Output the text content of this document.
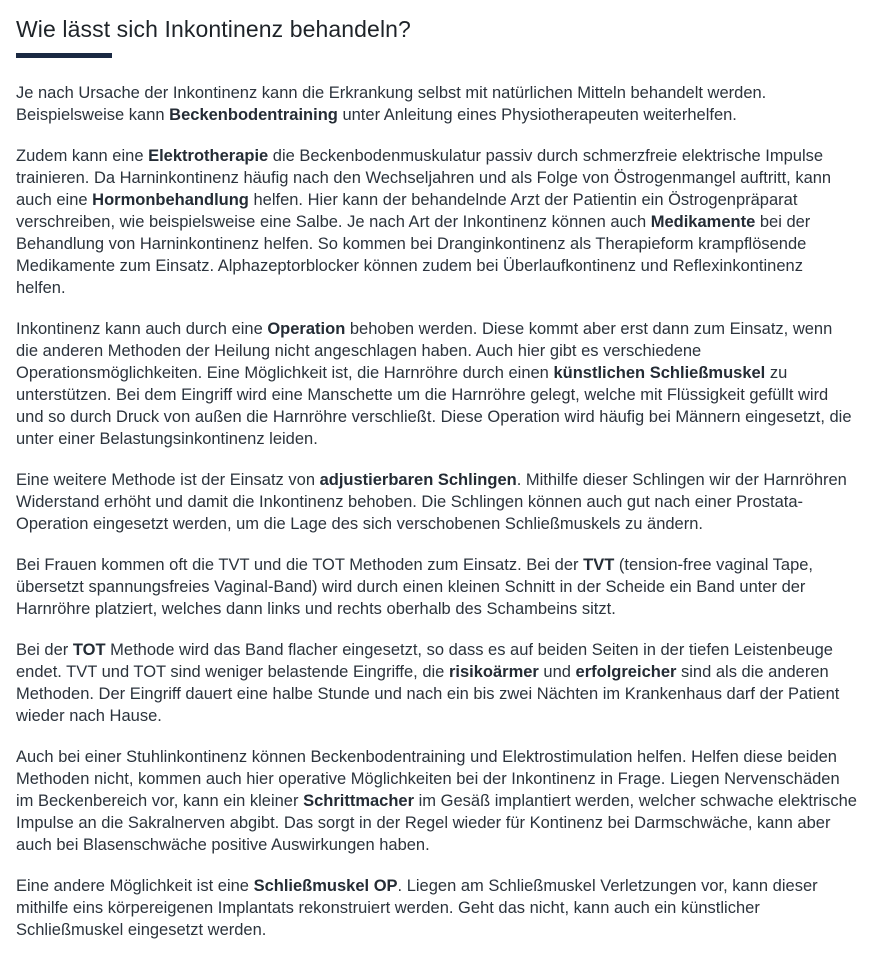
Wie lässt sich Inkontinenz behandeln?

Je nach Ursache der Inkontinenz kann die Erkrankung selbst mit natürlichen Mitteln behandelt werden. Beispielsweise kann Beckenbodentraining unter Anleitung eines Physiotherapeuten weiterhelfen.

Zudem kann eine Elektrotherapie die Beckenbodenmuskulatur passiv durch schmerzfreie elektrische Impulse trainieren. Da Harninkontinenz häufig nach den Wechseljahren und als Folge von Östrogenmangel auftritt, kann auch eine Hormonbehandlung helfen. Hier kann der behandelnde Arzt der Patientin ein Östrogenpräparat verschreiben, wie beispielsweise eine Salbe. Je nach Art der Inkontinenz können auch Medikamente bei der Behandlung von Harninkontinenz helfen. So kommen bei Dranginkontinenz als Therapieform krampflösende Medikamente zum Einsatz. Alphazeptorblocker können zudem bei Überlaufkontinenz und Reflexinkontinenz helfen.

Inkontinenz kann auch durch eine Operation behoben werden. Diese kommt aber erst dann zum Einsatz, wenn die anderen Methoden der Heilung nicht angeschlagen haben. Auch hier gibt es verschiedene Operationsmöglichkeiten. Eine Möglichkeit ist, die Harnröhre durch einen künstlichen Schließmuskel zu unterstützen. Bei dem Eingriff wird eine Manschette um die Harnröhre gelegt, welche mit Flüssigkeit gefüllt wird und so durch Druck von außen die Harnröhre verschließt. Diese Operation wird häufig bei Männern eingesetzt, die unter einer Belastungsinkontinenz leiden.

Eine weitere Methode ist der Einsatz von adjustierbaren Schlingen. Mithilfe dieser Schlingen wir der Harnröhren Widerstand erhöht und damit die Inkontinenz behoben. Die Schlingen können auch gut nach einer Prostata-Operation eingesetzt werden, um die Lage des sich verschobenen Schließmuskels zu ändern.

Bei Frauen kommen oft die TVT und die TOT Methoden zum Einsatz. Bei der TVT (tension-free vaginal Tape, übersetzt spannungsfreies Vaginal-Band) wird durch einen kleinen Schnitt in der Scheide ein Band unter der Harnröhre platziert, welches dann links und rechts oberhalb des Schambeins sitzt.

Bei der TOT Methode wird das Band flacher eingesetzt, so dass es auf beiden Seiten in der tiefen Leistenbeuge endet. TVT und TOT sind weniger belastende Eingriffe, die risikoärmer und erfolgreicher sind als die anderen Methoden. Der Eingriff dauert eine halbe Stunde und nach ein bis zwei Nächten im Krankenhaus darf der Patient wieder nach Hause.

Auch bei einer Stuhlinkontinenz können Beckenbodentraining und Elektrostimulation helfen. Helfen diese beiden Methoden nicht, kommen auch hier operative Möglichkeiten bei der Inkontinenz in Frage. Liegen Nervenschäden im Beckenbereich vor, kann ein kleiner Schrittmacher im Gesäß implantiert werden, welcher schwache elektrische Impulse an die Sakralnerven abgibt. Das sorgt in der Regel wieder für Kontinenz bei Darmschwäche, kann aber auch bei Blasenschwäche positive Auswirkungen haben.

Eine andere Möglichkeit ist eine Schließmuskel OP. Liegen am Schließmuskel Verletzungen vor, kann dieser mithilfe eins körpereigenen Implantats rekonstruiert werden. Geht das nicht, kann auch ein künstlicher Schließmuskel eingesetzt werden.
